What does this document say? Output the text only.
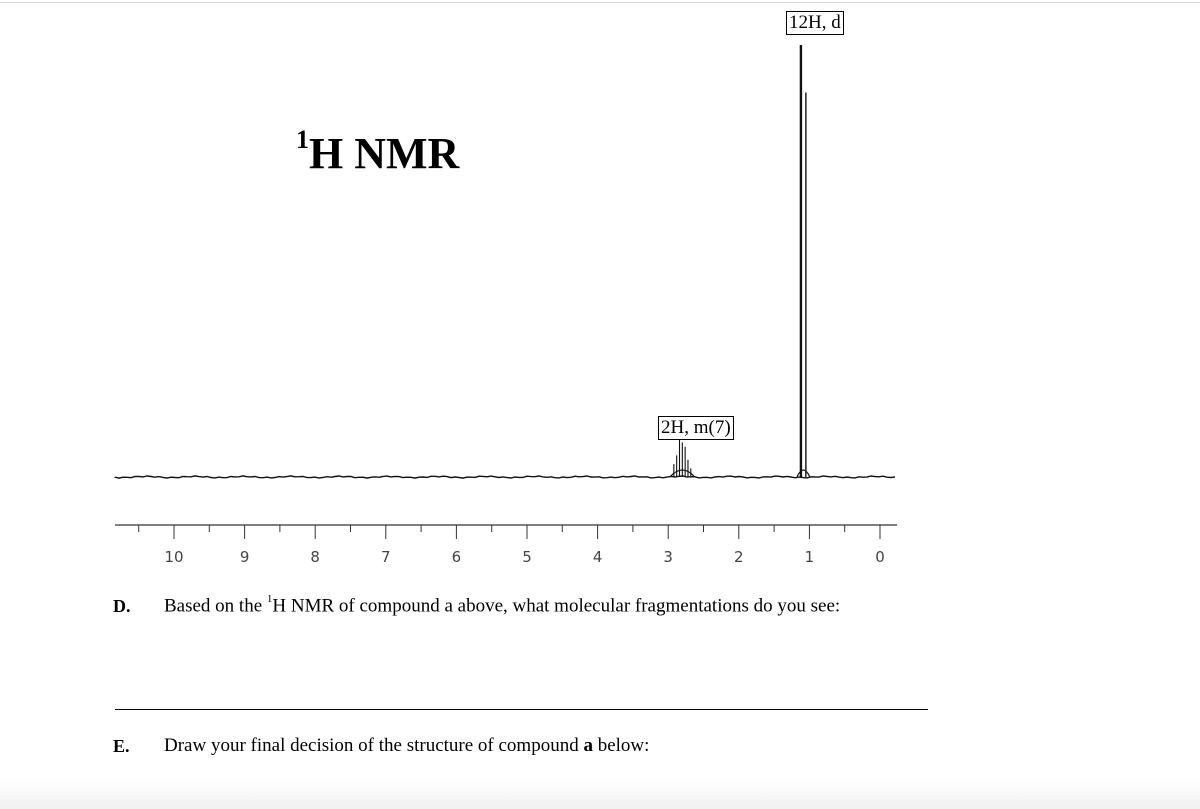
10	9	8	7	6	5	4	3	2	1	0
$^1$H NMR
12H, d
2H, m(7)
D. Based on the $^1$H NMR of compound a above, what molecular fragmentations do you see:
E. Draw your final decision of the structure of compound a below:
